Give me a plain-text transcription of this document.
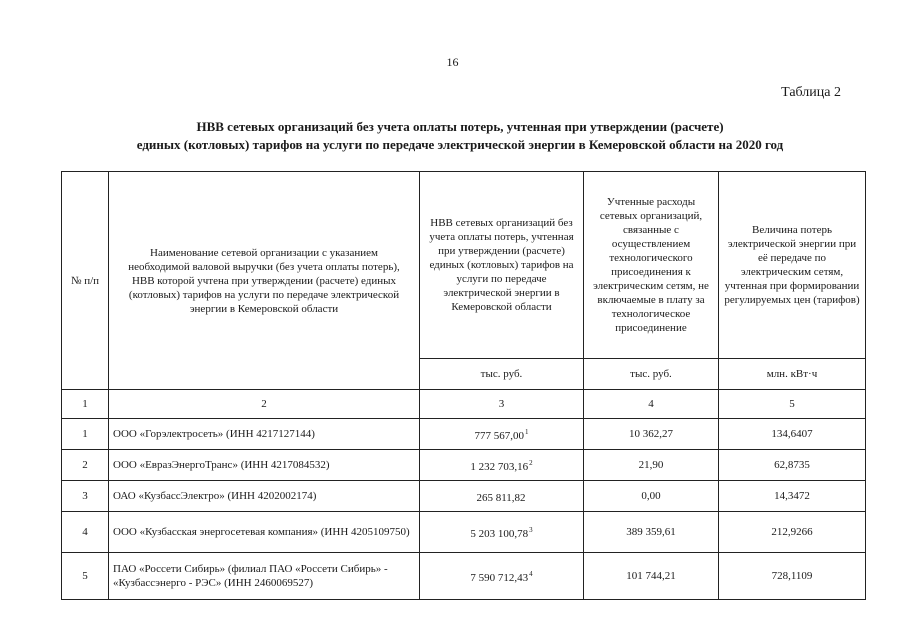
16
Таблица 2
НВВ сетевых организаций без учета оплаты потерь, учтенная при утверждении (расчете)
единых (котловых) тарифов на услуги по передаче электрической энергии в Кемеровской области на 2020 год
№ п/п	Наименование сетевой организации с указанием необходимой валовой выручки (без учета оплаты потерь), НВВ которой учтена при утверждении (расчете) единых (котловых) тарифов на услуги по передаче электрической энергии в Кемеровской области	НВВ сетевых организаций без учета оплаты потерь, учтенная при утверждении (расчете) единых (котловых) тарифов на услуги по передаче электрической энергии в Кемеровской области	Учтенные расходы сетевых организаций, связанные с осуществлением технологического присоединения к электрическим сетям, не включаемые в плату за технологическое присоединение	Величина потерь электрической энергии при её передаче по электрическим сетям, учтенная при формировании регулируемых цен (тарифов)
		тыс. руб.	тыс. руб.	млн. кВт·ч
1	2	3	4	5
1	ООО «Горэлектросеть» (ИНН 4217127144)	777 567,00$^1$	10 362,27	134,6407
2	ООО «ЕвразЭнергоТранс» (ИНН 4217084532)	1 232 703,16$^2$	21,90	62,8735
3	ОАО «КузбассЭлектро» (ИНН 4202002174)	265 811,82	0,00	14,3472
4	ООО «Кузбасская энергосетевая компания» (ИНН 4205109750)	5 203 100,78$^3$	389 359,61	212,9266
5	ПАО «Россети Сибирь» (филиал ПАО «Россети Сибирь» - «Кузбассэнерго - РЭС» (ИНН 2460069527)	7 590 712,43$^4$	101 744,21	728,1109
